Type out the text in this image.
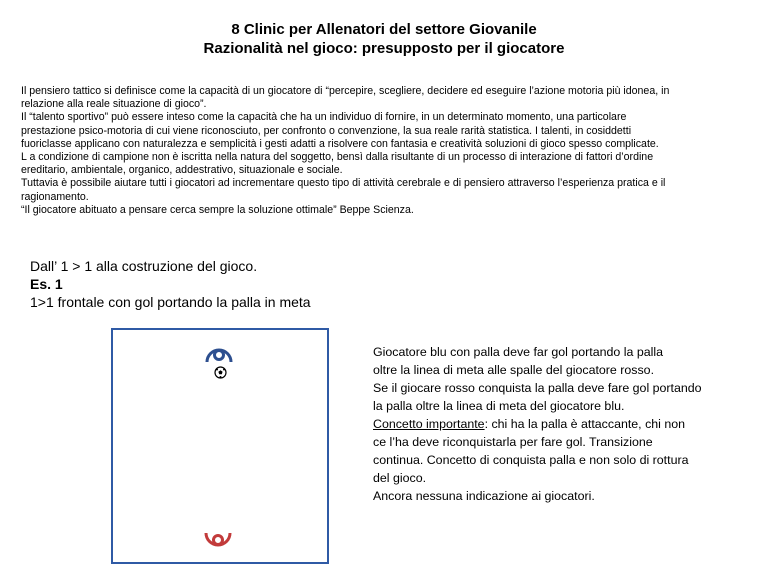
8 Clinic per Allenatori del settore Giovanile
Razionalità nel gioco: presupposto per il giocatore

Il pensiero tattico si definisce come la capacità di un giocatore di “percepire, scegliere, decidere ed eseguire l’azione motoria più idonea, in

relazione alla reale situazione di gioco”.

Il “talento sportivo” può essere inteso come la capacità che ha un individuo di fornire, in un determinato momento, una particolare

prestazione psico-motoria di cui viene riconosciuto, per confronto o convenzione, la sua reale rarità statistica. I talenti, in cosiddetti

fuoriclasse applicano con naturalezza e semplicità i gesti adatti a risolvere con fantasia e creatività soluzioni di gioco spesso complicate.

L a condizione di campione non è iscritta nella natura del soggetto, bensì dalla risultante di un processo di interazione di fattori d’ordine

ereditario, ambientale, organico, addestrativo, situazionale e sociale.

Tuttavia è possibile aiutare tutti i giocatori ad incrementare questo tipo di attività cerebrale e di pensiero attraverso l’esperienza pratica e il

ragionamento.

“Il giocatore abituato a pensare cerca sempre la soluzione ottimale” Beppe Scienza.

Dall’ 1 > 1 alla costruzione del gioco.
Es. 1
1>1 frontale con gol portando la palla in meta

Giocatore blu con palla deve far gol portando la palla

oltre la linea di meta alle spalle del giocatore rosso.

Se il giocare rosso conquista la palla deve fare gol portando

la palla oltre la linea di meta del giocatore blu.

Concetto importante: chi ha la palla è attaccante, chi non

ce l’ha deve riconquistarla per fare gol. Transizione

continua. Concetto di conquista palla e non solo di rottura

del gioco.

Ancora nessuna indicazione ai giocatori.
